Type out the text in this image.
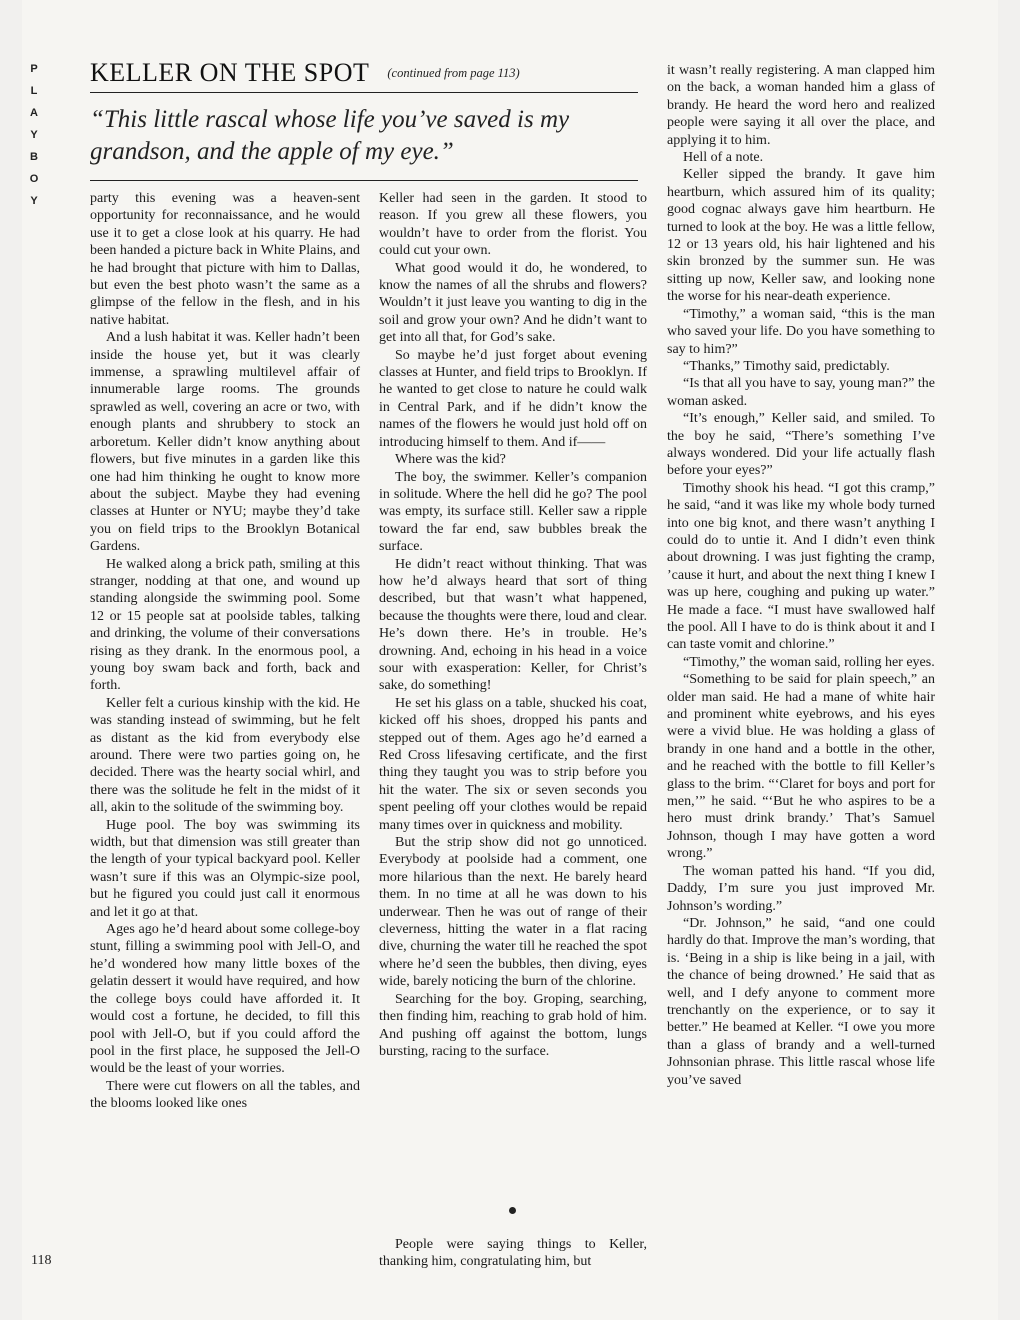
P
L
A
Y
B
O
Y
KELLER ON THE SPOT (continued from page 113)
“This little rascal whose life you’ve saved is my grandson, and the apple of my eye.”

party this evening was a heaven-sent opportunity for reconnaissance, and he would use it to get a close look at his quarry. He had been handed a picture back in White Plains, and he had brought that picture with him to Dallas, but even the best photo wasn’t the same as a glimpse of the fellow in the flesh, and in his native habitat.

And a lush habitat it was. Keller hadn’t been inside the house yet, but it was clearly immense, a sprawling multilevel affair of innumerable large rooms. The grounds sprawled as well, covering an acre or two, with enough plants and shrubbery to stock an arboretum. Keller didn’t know anything about flowers, but five minutes in a garden like this one had him thinking he ought to know more about the subject. Maybe they had evening classes at Hunter or NYU; maybe they’d take you on field trips to the Brooklyn Botanical Gardens.

He walked along a brick path, smiling at this stranger, nodding at that one, and wound up standing alongside the swimming pool. Some 12 or 15 people sat at poolside tables, talking and drinking, the volume of their conversations rising as they drank. In the enormous pool, a young boy swam back and forth, back and forth.

Keller felt a curious kinship with the kid. He was standing instead of swimming, but he felt as distant as the kid from everybody else around. There were two parties going on, he decided. There was the hearty social whirl, and there was the solitude he felt in the midst of it all, akin to the solitude of the swimming boy.

Huge pool. The boy was swimming its width, but that dimension was still greater than the length of your typical backyard pool. Keller wasn’t sure if this was an Olympic-size pool, but he figured you could just call it enormous and let it go at that.

Ages ago he’d heard about some college-boy stunt, filling a swimming pool with Jell-O, and he’d wondered how many little boxes of the gelatin dessert it would have required, and how the college boys could have afforded it. It would cost a fortune, he decided, to fill this pool with Jell-O, but if you could afford the pool in the first place, he supposed the Jell-O would be the least of your worries.

There were cut flowers on all the tables, and the blooms looked like ones

Keller had seen in the garden. It stood to reason. If you grew all these flowers, you wouldn’t have to order from the florist. You could cut your own.

What good would it do, he wondered, to know the names of all the shrubs and flowers? Wouldn’t it just leave you wanting to dig in the soil and grow your own? And he didn’t want to get into all that, for God’s sake.

So maybe he’d just forget about evening classes at Hunter, and field trips to Brooklyn. If he wanted to get close to nature he could walk in Central Park, and if he didn’t know the names of the flowers he would just hold off on introducing himself to them. And if——

Where was the kid?

The boy, the swimmer. Keller’s companion in solitude. Where the hell did he go? The pool was empty, its surface still. Keller saw a ripple toward the far end, saw bubbles break the surface.

He didn’t react without thinking. That was how he’d always heard that sort of thing described, but that wasn’t what happened, because the thoughts were there, loud and clear. He’s down there. He’s in trouble. He’s drowning. And, echoing in his head in a voice sour with exasperation: Keller, for Christ’s sake, do something!

He set his glass on a table, shucked his coat, kicked off his shoes, dropped his pants and stepped out of them. Ages ago he’d earned a Red Cross lifesaving certificate, and the first thing they taught you was to strip before you hit the water. The six or seven seconds you spent peeling off your clothes would be repaid many times over in quickness and mobility.

But the strip show did not go unnoticed. Everybody at poolside had a comment, one more hilarious than the next. He barely heard them. In no time at all he was down to his underwear. Then he was out of range of their cleverness, hitting the water in a flat racing dive, churning the water till he reached the spot where he’d seen the bubbles, then diving, eyes wide, barely noticing the burn of the chlorine.

Searching for the boy. Groping, searching, then finding him, reaching to grab hold of him. And pushing off against the bottom, lungs bursting, racing to the surface.

People were saying things to Keller, thanking him, congratulating him, but

it wasn’t really registering. A man clapped him on the back, a woman handed him a glass of brandy. He heard the word hero and realized people were saying it all over the place, and applying it to him.

Hell of a note.

Keller sipped the brandy. It gave him heartburn, which assured him of its quality; good cognac always gave him heartburn. He turned to look at the boy. He was a little fellow, 12 or 13 years old, his hair lightened and his skin bronzed by the summer sun. He was sitting up now, Keller saw, and looking none the worse for his near-death experience.

“Timothy,” a woman said, “this is the man who saved your life. Do you have something to say to him?”

“Thanks,” Timothy said, predictably.

“Is that all you have to say, young man?” the woman asked.

“It’s enough,” Keller said, and smiled. To the boy he said, “There’s something I’ve always wondered. Did your life actually flash before your eyes?”

Timothy shook his head. “I got this cramp,” he said, “and it was like my whole body turned into one big knot, and there wasn’t anything I could do to untie it. And I didn’t even think about drowning. I was just fighting the cramp, ’cause it hurt, and about the next thing I knew I was up here, coughing and puking up water.” He made a face. “I must have swallowed half the pool. All I have to do is think about it and I can taste vomit and chlorine.”

“Timothy,” the woman said, rolling her eyes.

“Something to be said for plain speech,” an older man said. He had a mane of white hair and prominent white eyebrows, and his eyes were a vivid blue. He was holding a glass of brandy in one hand and a bottle in the other, and he reached with the bottle to fill Keller’s glass to the brim. “‘Claret for boys and port for men,’” he said. “‘But he who aspires to be a hero must drink brandy.’ That’s Samuel Johnson, though I may have gotten a word wrong.”

The woman patted his hand. “If you did, Daddy, I’m sure you just improved Mr. Johnson’s wording.”

“Dr. Johnson,” he said, “and one could hardly do that. Improve the man’s wording, that is. ‘Being in a ship is like being in a jail, with the chance of being drowned.’ He said that as well, and I defy anyone to comment more trenchantly on the experience, or to say it better.” He beamed at Keller. “I owe you more than a glass of brandy and a well-turned Johnsonian phrase. This little rascal whose life you’ve saved

118
